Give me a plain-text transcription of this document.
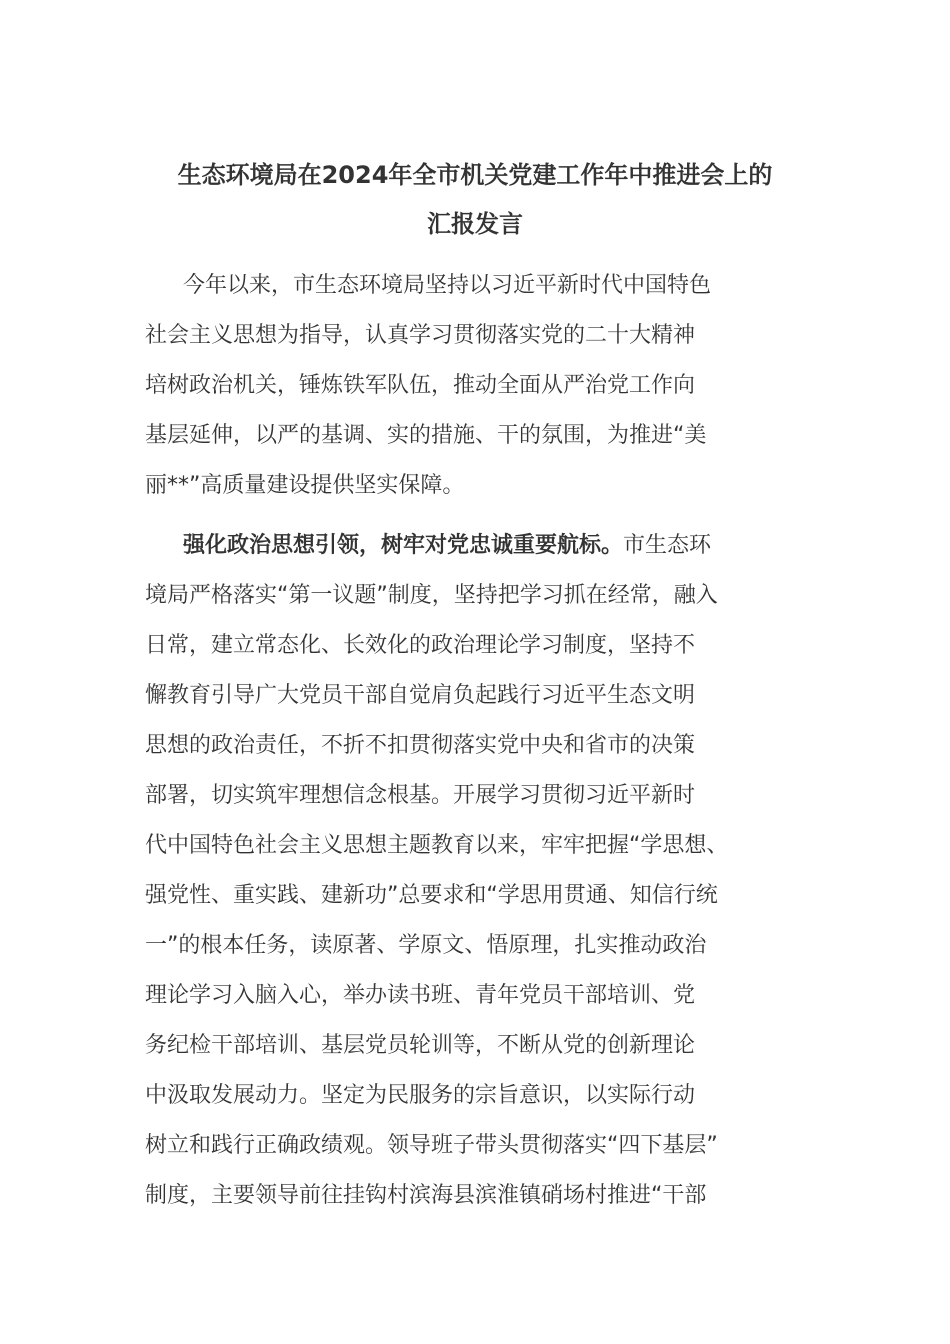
生态环境局在2024年全市机关党建工作年中推进会上的
汇报发言
今年以来，市生态环境局坚持以习近平新时代中国特色
社会主义思想为指导，认真学习贯彻落实党的二十大精神
培树政治机关，锤炼铁军队伍，推动全面从严治党工作向
基层延伸，以严的基调、实的措施、干的氛围，为推进“美
丽**”高质量建设提供坚实保障。
强化政治思想引领，树牢对党忠诚重要航标。市生态环
境局严格落实“第一议题”制度，坚持把学习抓在经常，融入
日常，建立常态化、长效化的政治理论学习制度，坚持不
懈教育引导广大党员干部自觉肩负起践行习近平生态文明
思想的政治责任，不折不扣贯彻落实党中央和省市的决策
部署，切实筑牢理想信念根基。开展学习贯彻习近平新时
代中国特色社会主义思想主题教育以来，牢牢把握“学思想、
强党性、重实践、建新功”总要求和“学思用贯通、知信行统
一”的根本任务，读原著、学原文、悟原理，扎实推动政治
理论学习入脑入心，举办读书班、青年党员干部培训、党
务纪检干部培训、基层党员轮训等，不断从党的创新理论
中汲取发展动力。坚定为民服务的宗旨意识，以实际行动
树立和践行正确政绩观。领导班子带头贯彻落实“四下基层”
制度，主要领导前往挂钩村滨海县滨淮镇硝场村推进“干部
